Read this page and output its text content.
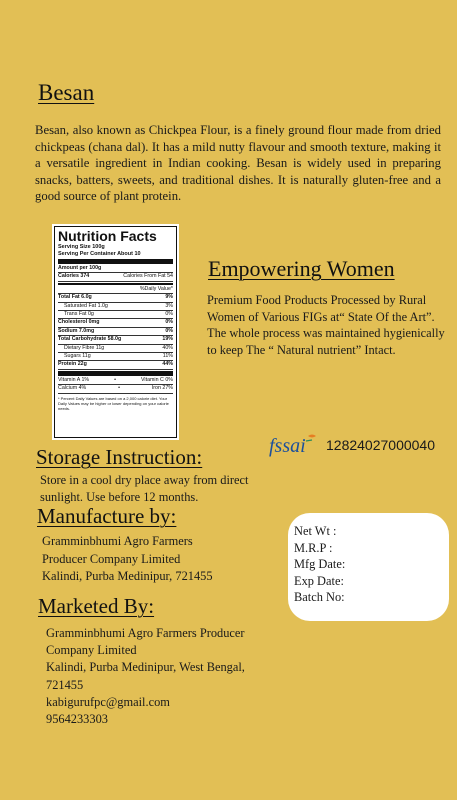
Besan

Besan, also known as Chickpea Flour, is a finely ground flour made from dried chickpeas (chana dal). It has a mild nutty flavour and smooth texture, making it a versatile ingredient in Indian cooking. Besan is widely used in preparing snacks, batters, sweets, and traditional dishes. It is naturally gluten-free and a good source of plant protein.

Nutrition Facts
Serving Size 100g
Serving Per Container About 10
Amount per 100g
Calories 374	Calories From Fat 54
%Daily Value*
Total Fat 6.0g	9%
Saturated Fat 1.0g	3%
Trans Fat 0g	0%
Cholesterol 0mg	0%
Sodium 7.0mg	0%
Total Carbohydrate 58.0g	19%
Dietary Fibre 11g	40%
Sugars 11g	11%
Protein 22g	44%
Vitamin A 1%	•	Vitamin C 0%
Calcium 4%	•	Iron 27%
* Percent Daily Values are based on a 2,000 calorie diet. Your Daily Values may be higher or lower depending on your calorie needs.
Empowering Women

Premium Food Products Processed by Rural Women of Various FIGs at“ State Of the Art”. The whole process was maintained hygienically to keep The “ Natural nutrient” Intact.

fssai 12824027000040
Storage Instruction:

Store in a cool dry place away from direct sunlight. Use before 12 months.

Manufacture by:
Gramminbhumi Agro Farmers
Producer Company Limited
Kalindi, Purba Medinipur, 721455
Net Wt :
M.R.P :
Mfg Date:
Exp Date:
Batch No:
Marketed By:
Gramminbhumi Agro Farmers Producer
Company Limited
Kalindi, Purba Medinipur, West Bengal,
721455
kabigurufpc@gmail.com
9564233303
